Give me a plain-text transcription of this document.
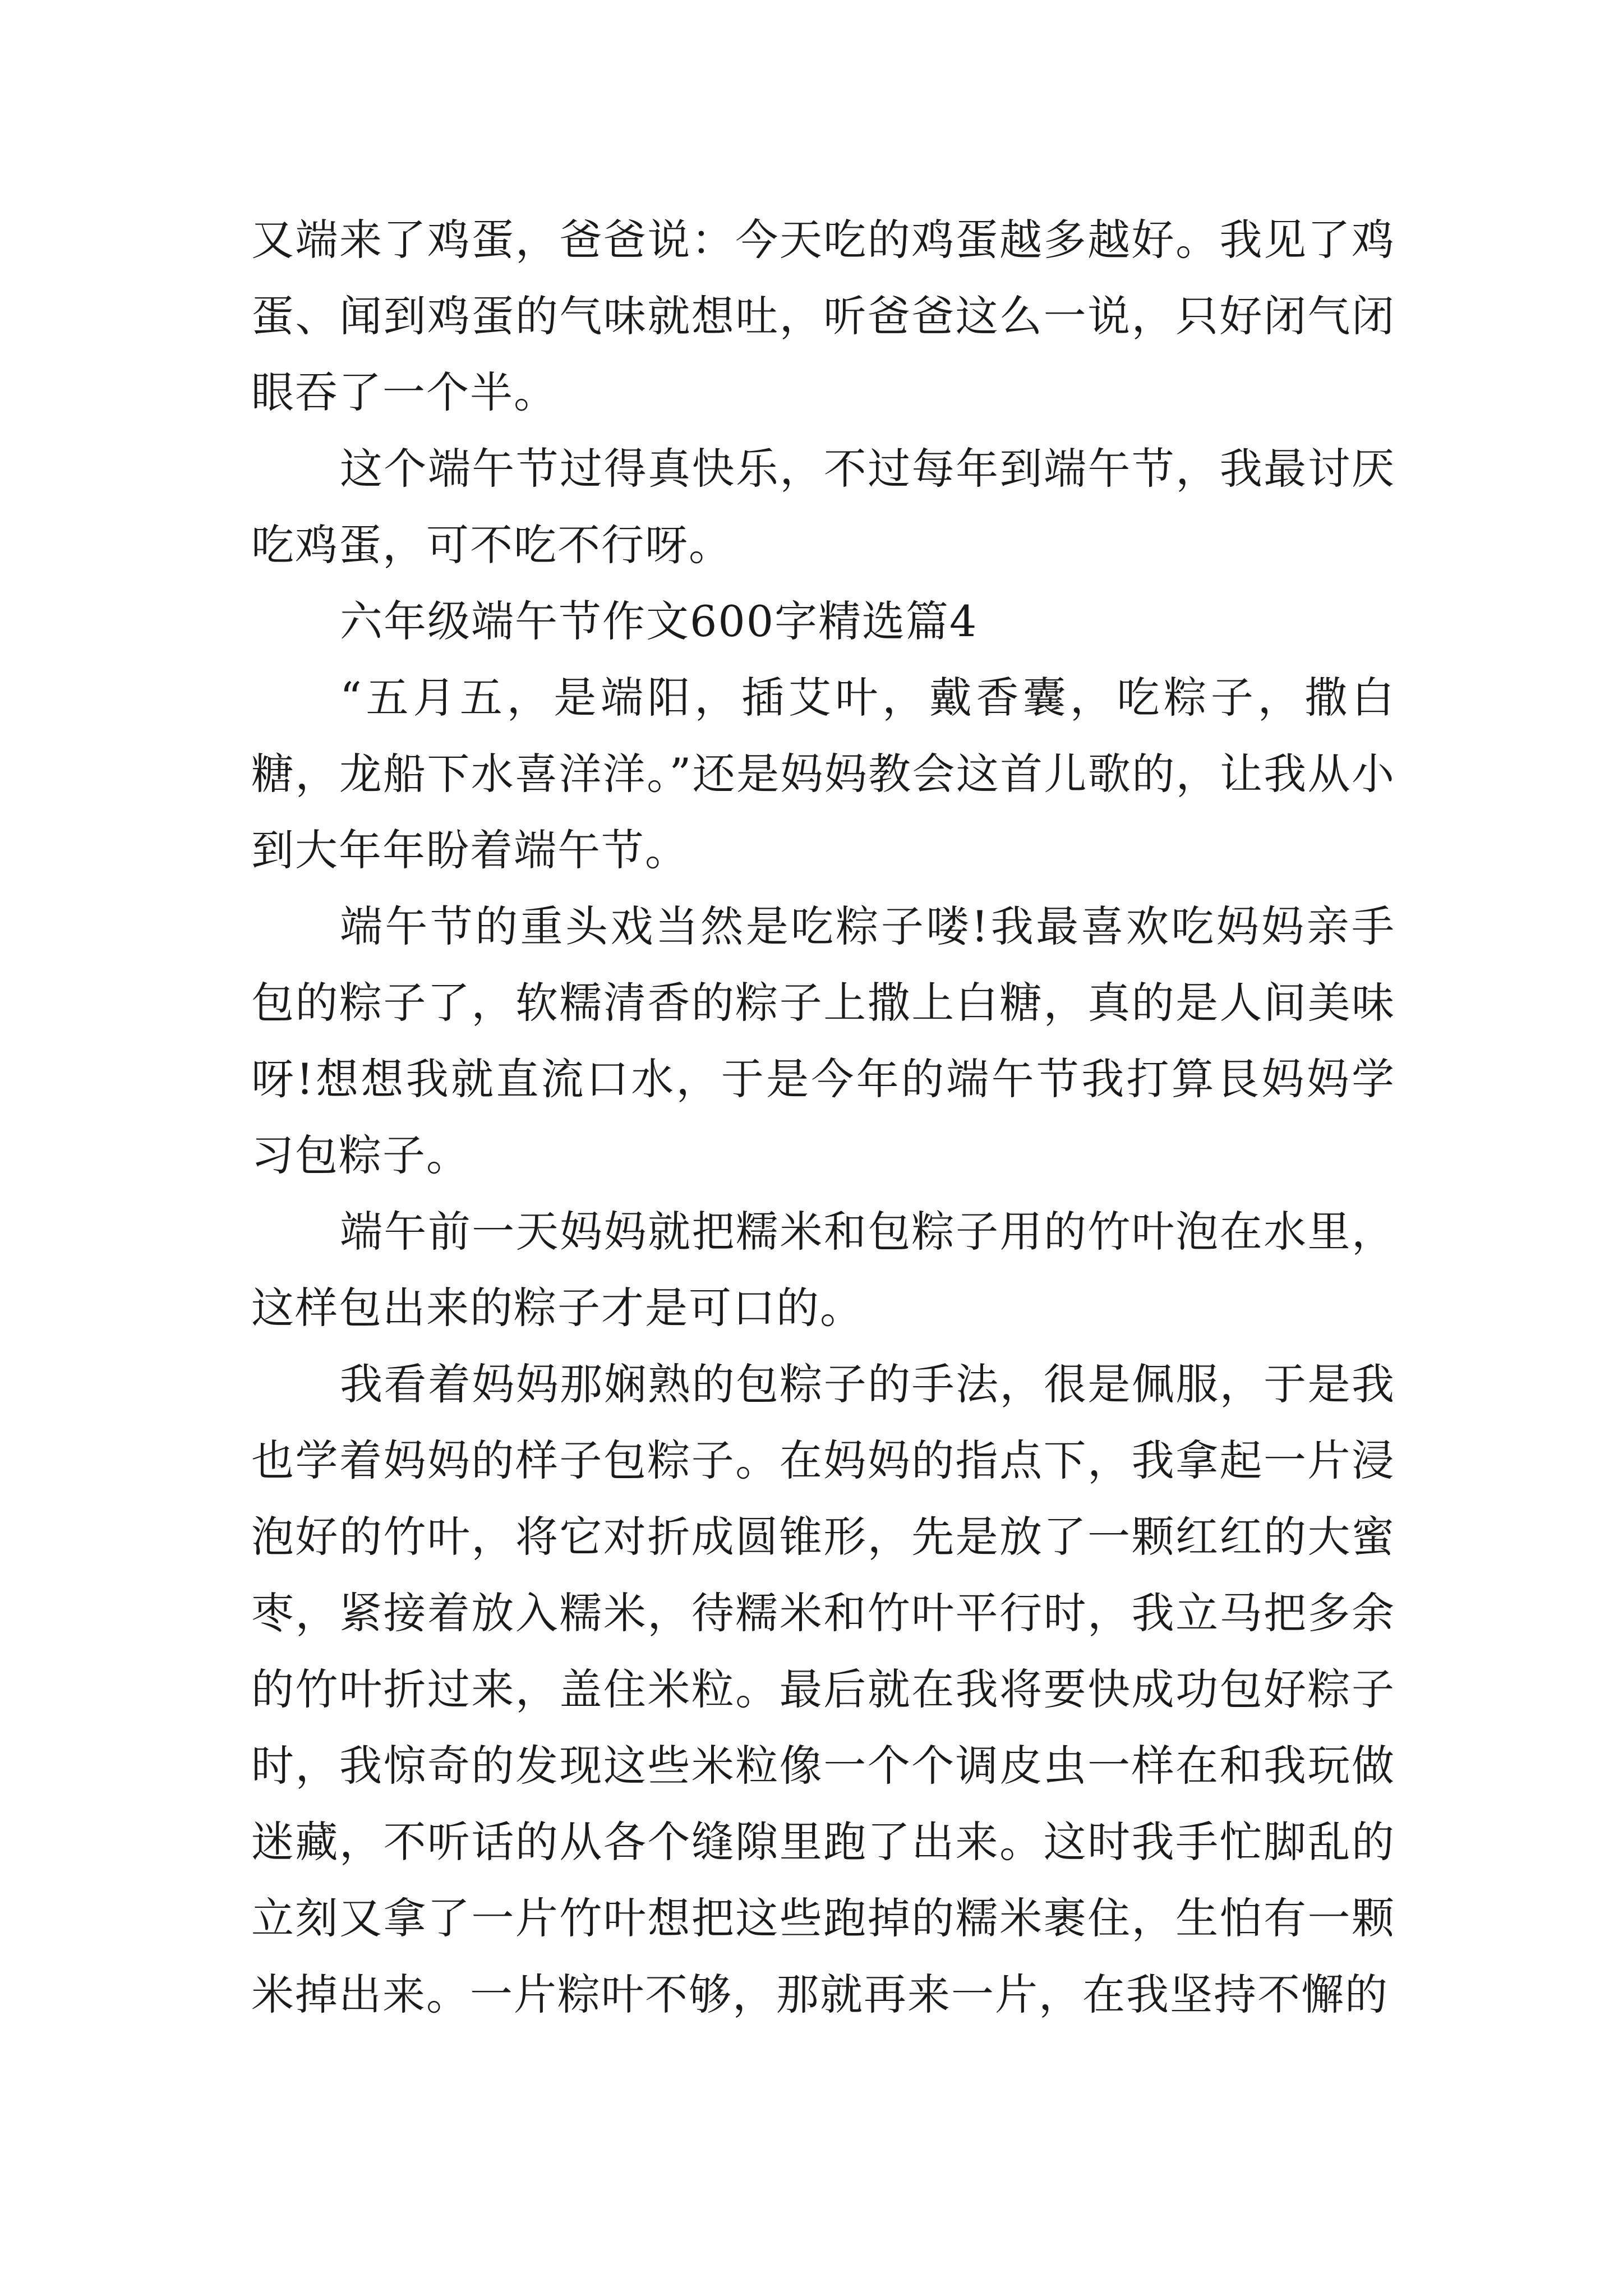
又端来了鸡蛋，爸爸说：今天吃的鸡蛋越多越好。我见了鸡蛋、闻到鸡蛋的气味就想吐，听爸爸这么一说，只好闭气闭眼吞了一个半。

这个端午节过得真快乐，不过每年到端午节，我最讨厌吃鸡蛋，可不吃不行呀。

六年级端午节作文600字精选篇4

“五月五，是端阳，插艾叶，戴香囊，吃粽子，撒白糖，龙船下水喜洋洋。”还是妈妈教会这首儿歌的，让我从小到大年年盼着端午节。

端午节的重头戏当然是吃粽子喽!我最喜欢吃妈妈亲手包的粽子了，软糯清香的粽子上撒上白糖，真的是人间美味呀!想想我就直流口水，于是今年的端午节我打算艮妈妈学习包粽子。

端午前一天妈妈就把糯米和包粽子用的竹叶泡在水里，这样包出来的粽子才是可口的。

我看着妈妈那娴熟的包粽子的手法，很是佩服，于是我也学着妈妈的样子包粽子。在妈妈的指点下，我拿起一片浸泡好的竹叶，将它对折成圆锥形，先是放了一颗红红的大蜜枣，紧接着放入糯米，待糯米和竹叶平行时，我立马把多余的竹叶折过来，盖住米粒。最后就在我将要快成功包好粽子时，我惊奇的发现这些米粒像一个个调皮虫一样在和我玩做迷藏，不听话的从各个缝隙里跑了出来。这时我手忙脚乱的立刻又拿了一片竹叶想把这些跑掉的糯米裹住，生怕有一颗米掉出来。一片粽叶不够，那就再来一片，在我坚持不懈的
